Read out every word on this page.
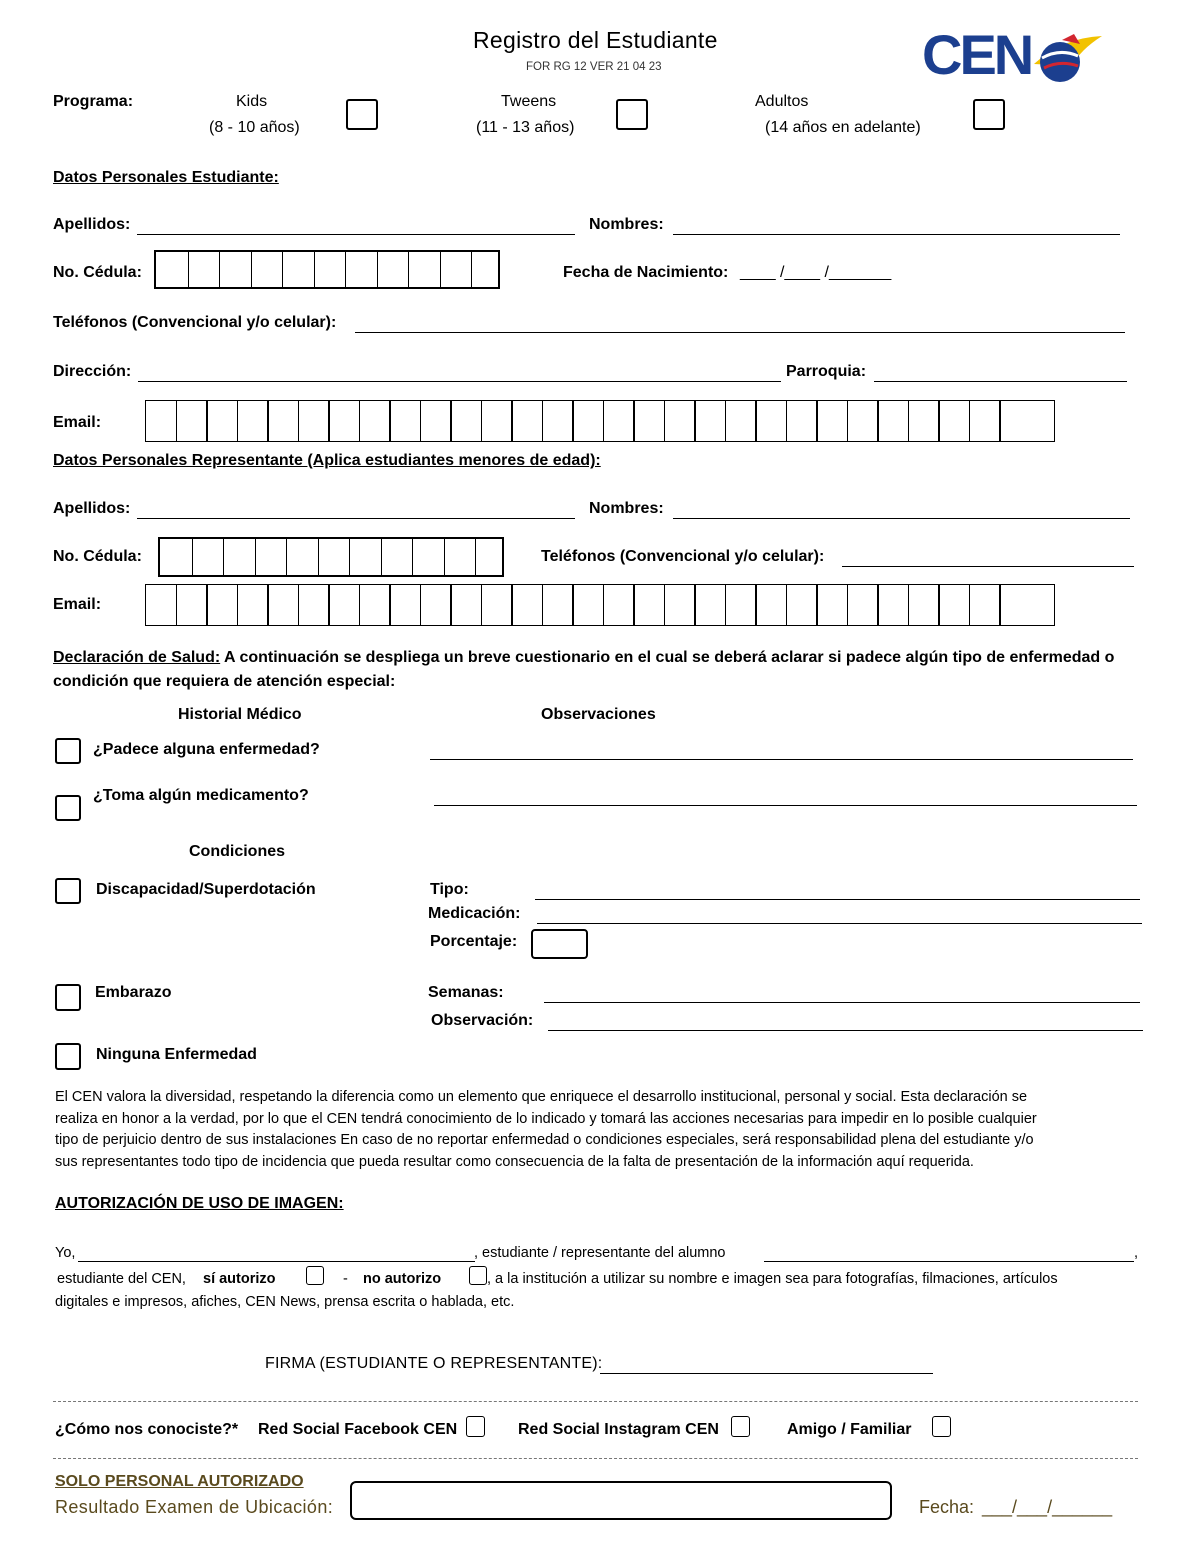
Registro del Estudiante
FOR RG 12 VER 21 04 23	CEN
Programa:	Kids
(8 - 10 años)
Tweens
(11 - 13 años)
Adultos
(14 años en adelante)
Datos Personales Estudiante:
Apellidos:	Nombres:
No. Cédula:	Fecha de Nacimiento: ____ /____ /_______
Teléfonos (Convencional y/o celular):
Dirección:	Parroquia:
Email:
Datos Personales Representante (Aplica estudiantes menores de edad):
Apellidos:	Nombres:
No. Cédula:	Teléfonos (Convencional y/o celular):
Email:
Declaración de Salud: A continuación se despliega un breve cuestionario en el cual se deberá aclarar si padece algún tipo de enfermedad o condición que requiera de atención especial:
Historial Médico	Observaciones
¿Padece alguna enfermedad?
¿Toma algún medicamento?
Condiciones
Discapacidad/Superdotación	Tipo:
Medicación:
Porcentaje:
Embarazo	Semanas:
Observación:
Ninguna Enfermedad
El CEN valora la diversidad, respetando la diferencia como un elemento que enriquece el desarrollo institucional, personal y social. Esta declaración se
realiza en honor a la verdad, por lo que el CEN tendrá conocimiento de lo indicado y tomará las acciones necesarias para impedir en lo posible cualquier
tipo de perjuicio dentro de sus instalaciones En caso de no reportar enfermedad o condiciones especiales, será responsabilidad plena del estudiante y/o
sus representantes todo tipo de incidencia que pueda resultar como consecuencia de la falta de presentación de la información aquí requerida.
AUTORIZACIÓN DE USO DE IMAGEN:
Yo,	, estudiante / representante del alumno	,
estudiante del CEN, sí autorizo	- no autorizo	, a la institución a utilizar su nombre e imagen sea para fotografías, filmaciones, artículos
digitales e impresos, afiches, CEN News, prensa escrita o hablada, etc.
FIRMA (ESTUDIANTE O REPRESENTANTE):
¿Cómo nos conociste?* Red Social Facebook CEN	Red Social Instagram CEN	Amigo / Familiar
SOLO PERSONAL AUTORIZADO
Resultado Examen de Ubicación:	Fecha: ___/___/______
